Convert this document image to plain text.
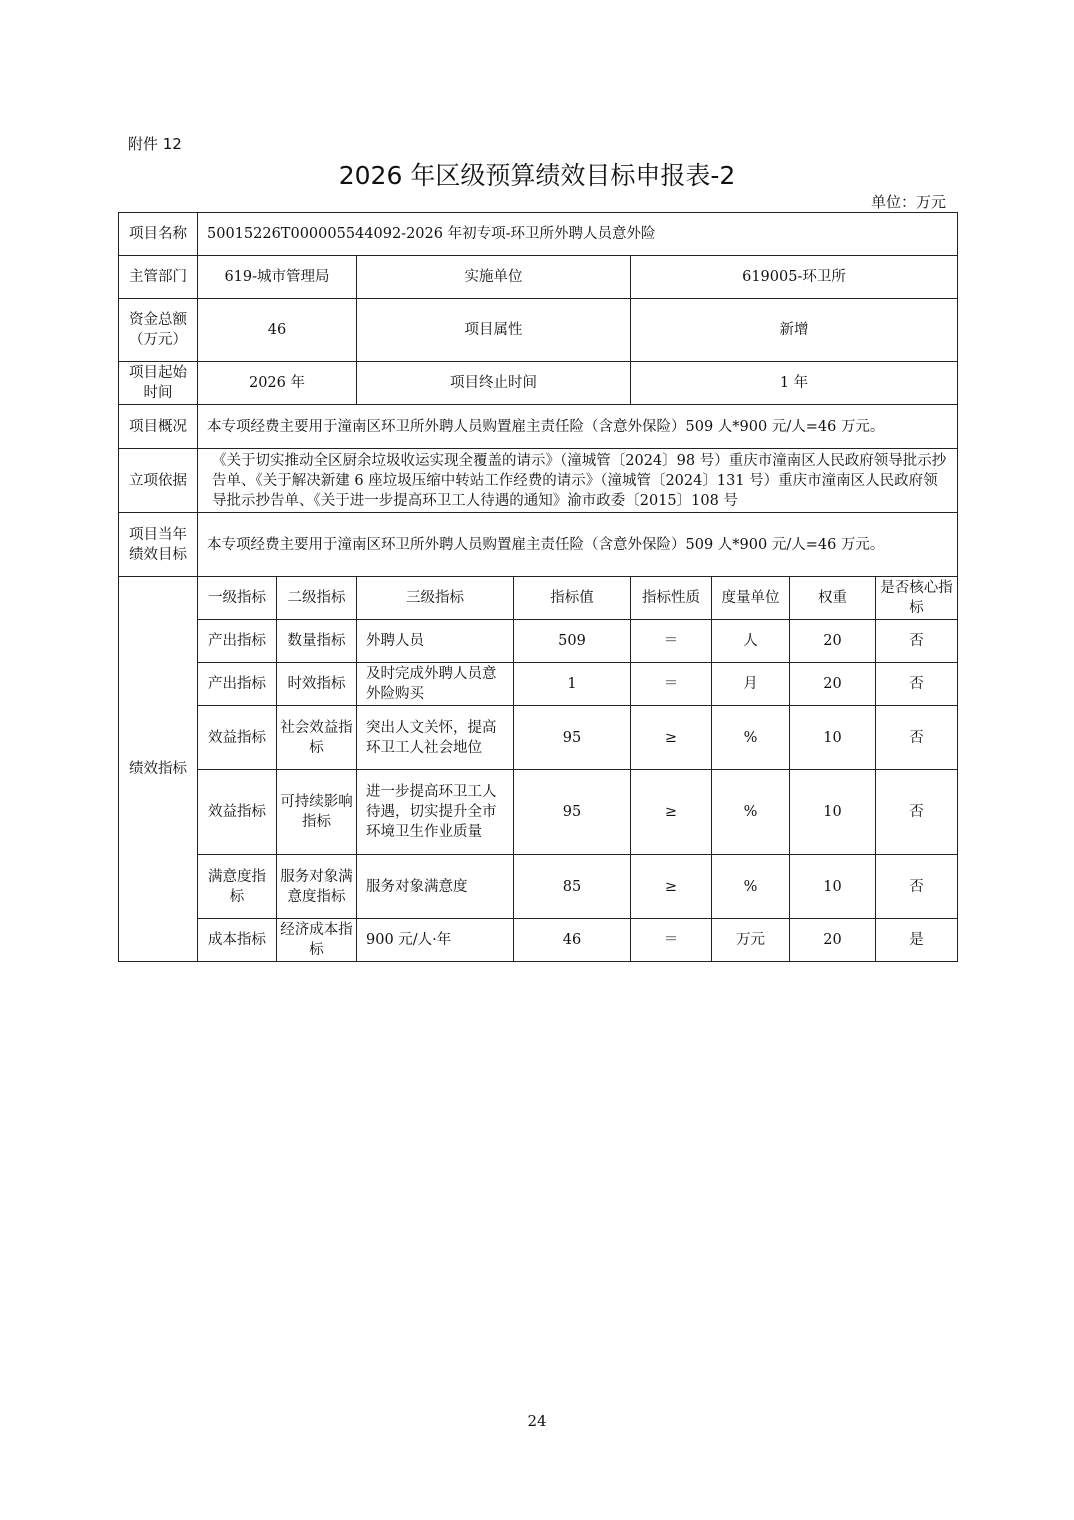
附件 12
2026 年区级预算绩效目标申报表-2
单位：万元
项目名称	50015226T000005544092-2026 年初专项-环卫所外聘人员意外险							
主管部门	619-城市管理局		实施单位		619005-环卫所			
资金总额（万元）	46		项目属性		新增			
项目起始时间	2026 年		项目终止时间		1 年			
项目概况	本专项经费主要用于潼南区环卫所外聘人员购置雇主责任险（含意外保险）509 人*900 元/人=46 万元。							
立项依据	《关于切实推动全区厨余垃圾收运实现全覆盖的请示》（潼城管〔2024〕98 号）重庆市潼南区人民政府领导批示抄告单、《关于解决新建 6 座垃圾压缩中转站工作经费的请示》（潼城管〔2024〕131 号）重庆市潼南区人民政府领导批示抄告单、《关于进一步提高环卫工人待遇的通知》渝市政委〔2015〕108 号							
项目当年绩效目标	本专项经费主要用于潼南区环卫所外聘人员购置雇主责任险（含意外保险）509 人*900 元/人=46 万元。							
绩效指标	一级指标	二级指标	三级指标	指标值	指标性质	度量单位	权重	是否核心指标
	产出指标	数量指标	外聘人员	509	＝	人	20	否
	产出指标	时效指标	及时完成外聘人员意外险购买	1	＝	月	20	否
	效益指标	社会效益指标	突出人文关怀，提高环卫工人社会地位	95	≥	%	10	否
	效益指标	可持续影响指标	进一步提高环卫工人待遇，切实提升全市环境卫生作业质量	95	≥	%	10	否
	满意度指标	服务对象满意度指标	服务对象满意度	85	≥	%	10	否
	成本指标	经济成本指标	900 元/人·年	46	＝	万元	20	是
24
